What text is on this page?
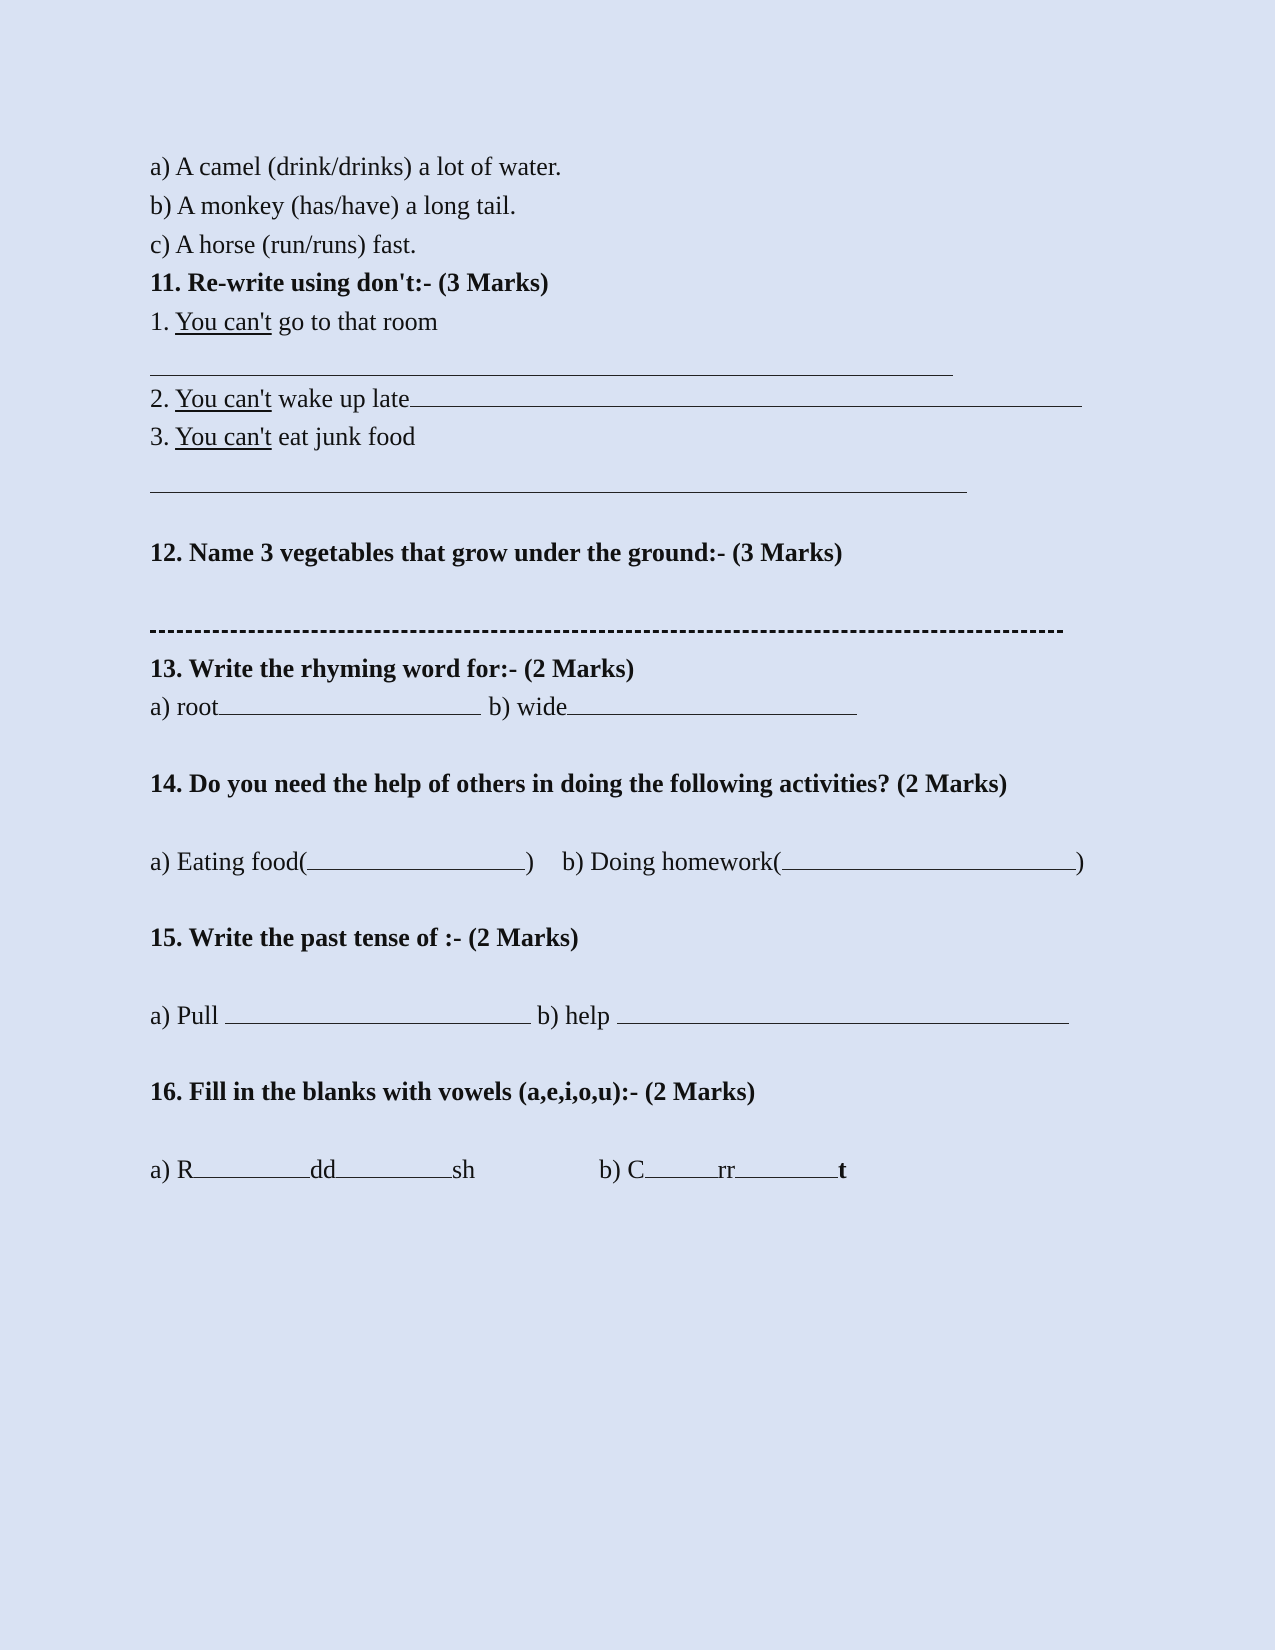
a) A camel (drink/drinks) a lot of water.
b) A monkey (has/have) a long tail.
c) A horse (run/runs) fast.
11. Re-write using don't:- (3 Marks)
1. You can't go to that room
2. You can't wake up late
3. You can't eat junk food
12. Name 3 vegetables that grow under the ground:- (3 Marks)
13. Write the rhyming word for:- (2 Marks)
a) root	b) wide
14. Do you need the help of others in doing the following activities? (2 Marks)
a) Eating food(	) b) Doing homework(	)
15. Write the past tense of :- (2 Marks)
a) Pull	b) help
16. Fill in the blanks with vowels (a,e,i,o,u):- (2 Marks)
a) R	dd	sh	b) C	rr	t
